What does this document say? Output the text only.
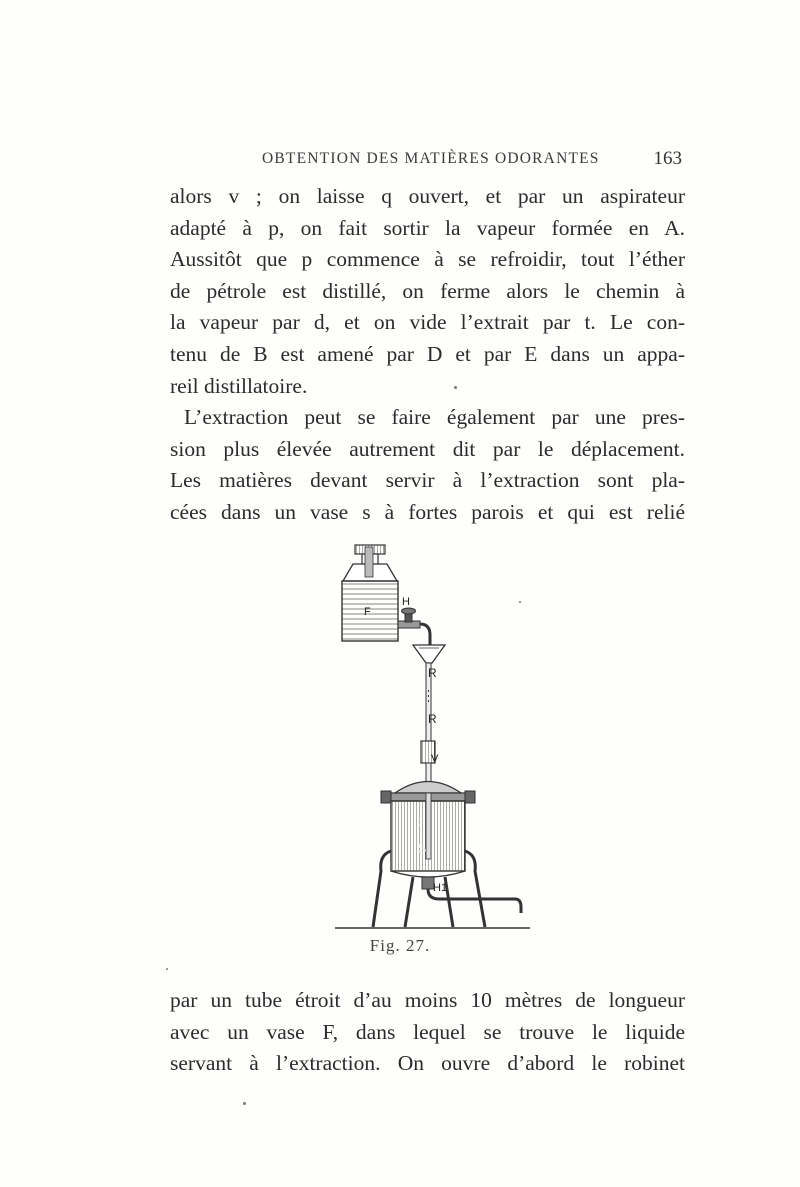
OBTENTION DES MATIÈRES ODORANTES	163
alors v ; on laisse q ouvert, et par un aspirateur
adapté à p, on fait sortir la vapeur formée en A.
Aussitôt que p commence à se refroidir, tout l’éther
de pétrole est distillé, on ferme alors le chemin à
la vapeur par d, et on vide l’extrait par t. Le con-
tenu de B est amené par D et par E dans un appa-
reil distillatoire.
L’extraction peut se faire également par une pres-
sion plus élevée autrement dit par le déplacement.
Les matières devant servir à l’extraction sont pla-
cées dans un vase s à fortes parois et qui est relié
F
H
R
R
V
c
S
H1
Fig. 27.
par un tube étroit d’au moins 10 mètres de longueur
avec un vase F, dans lequel se trouve le liquide
servant à l’extraction. On ouvre d’abord le robinet
